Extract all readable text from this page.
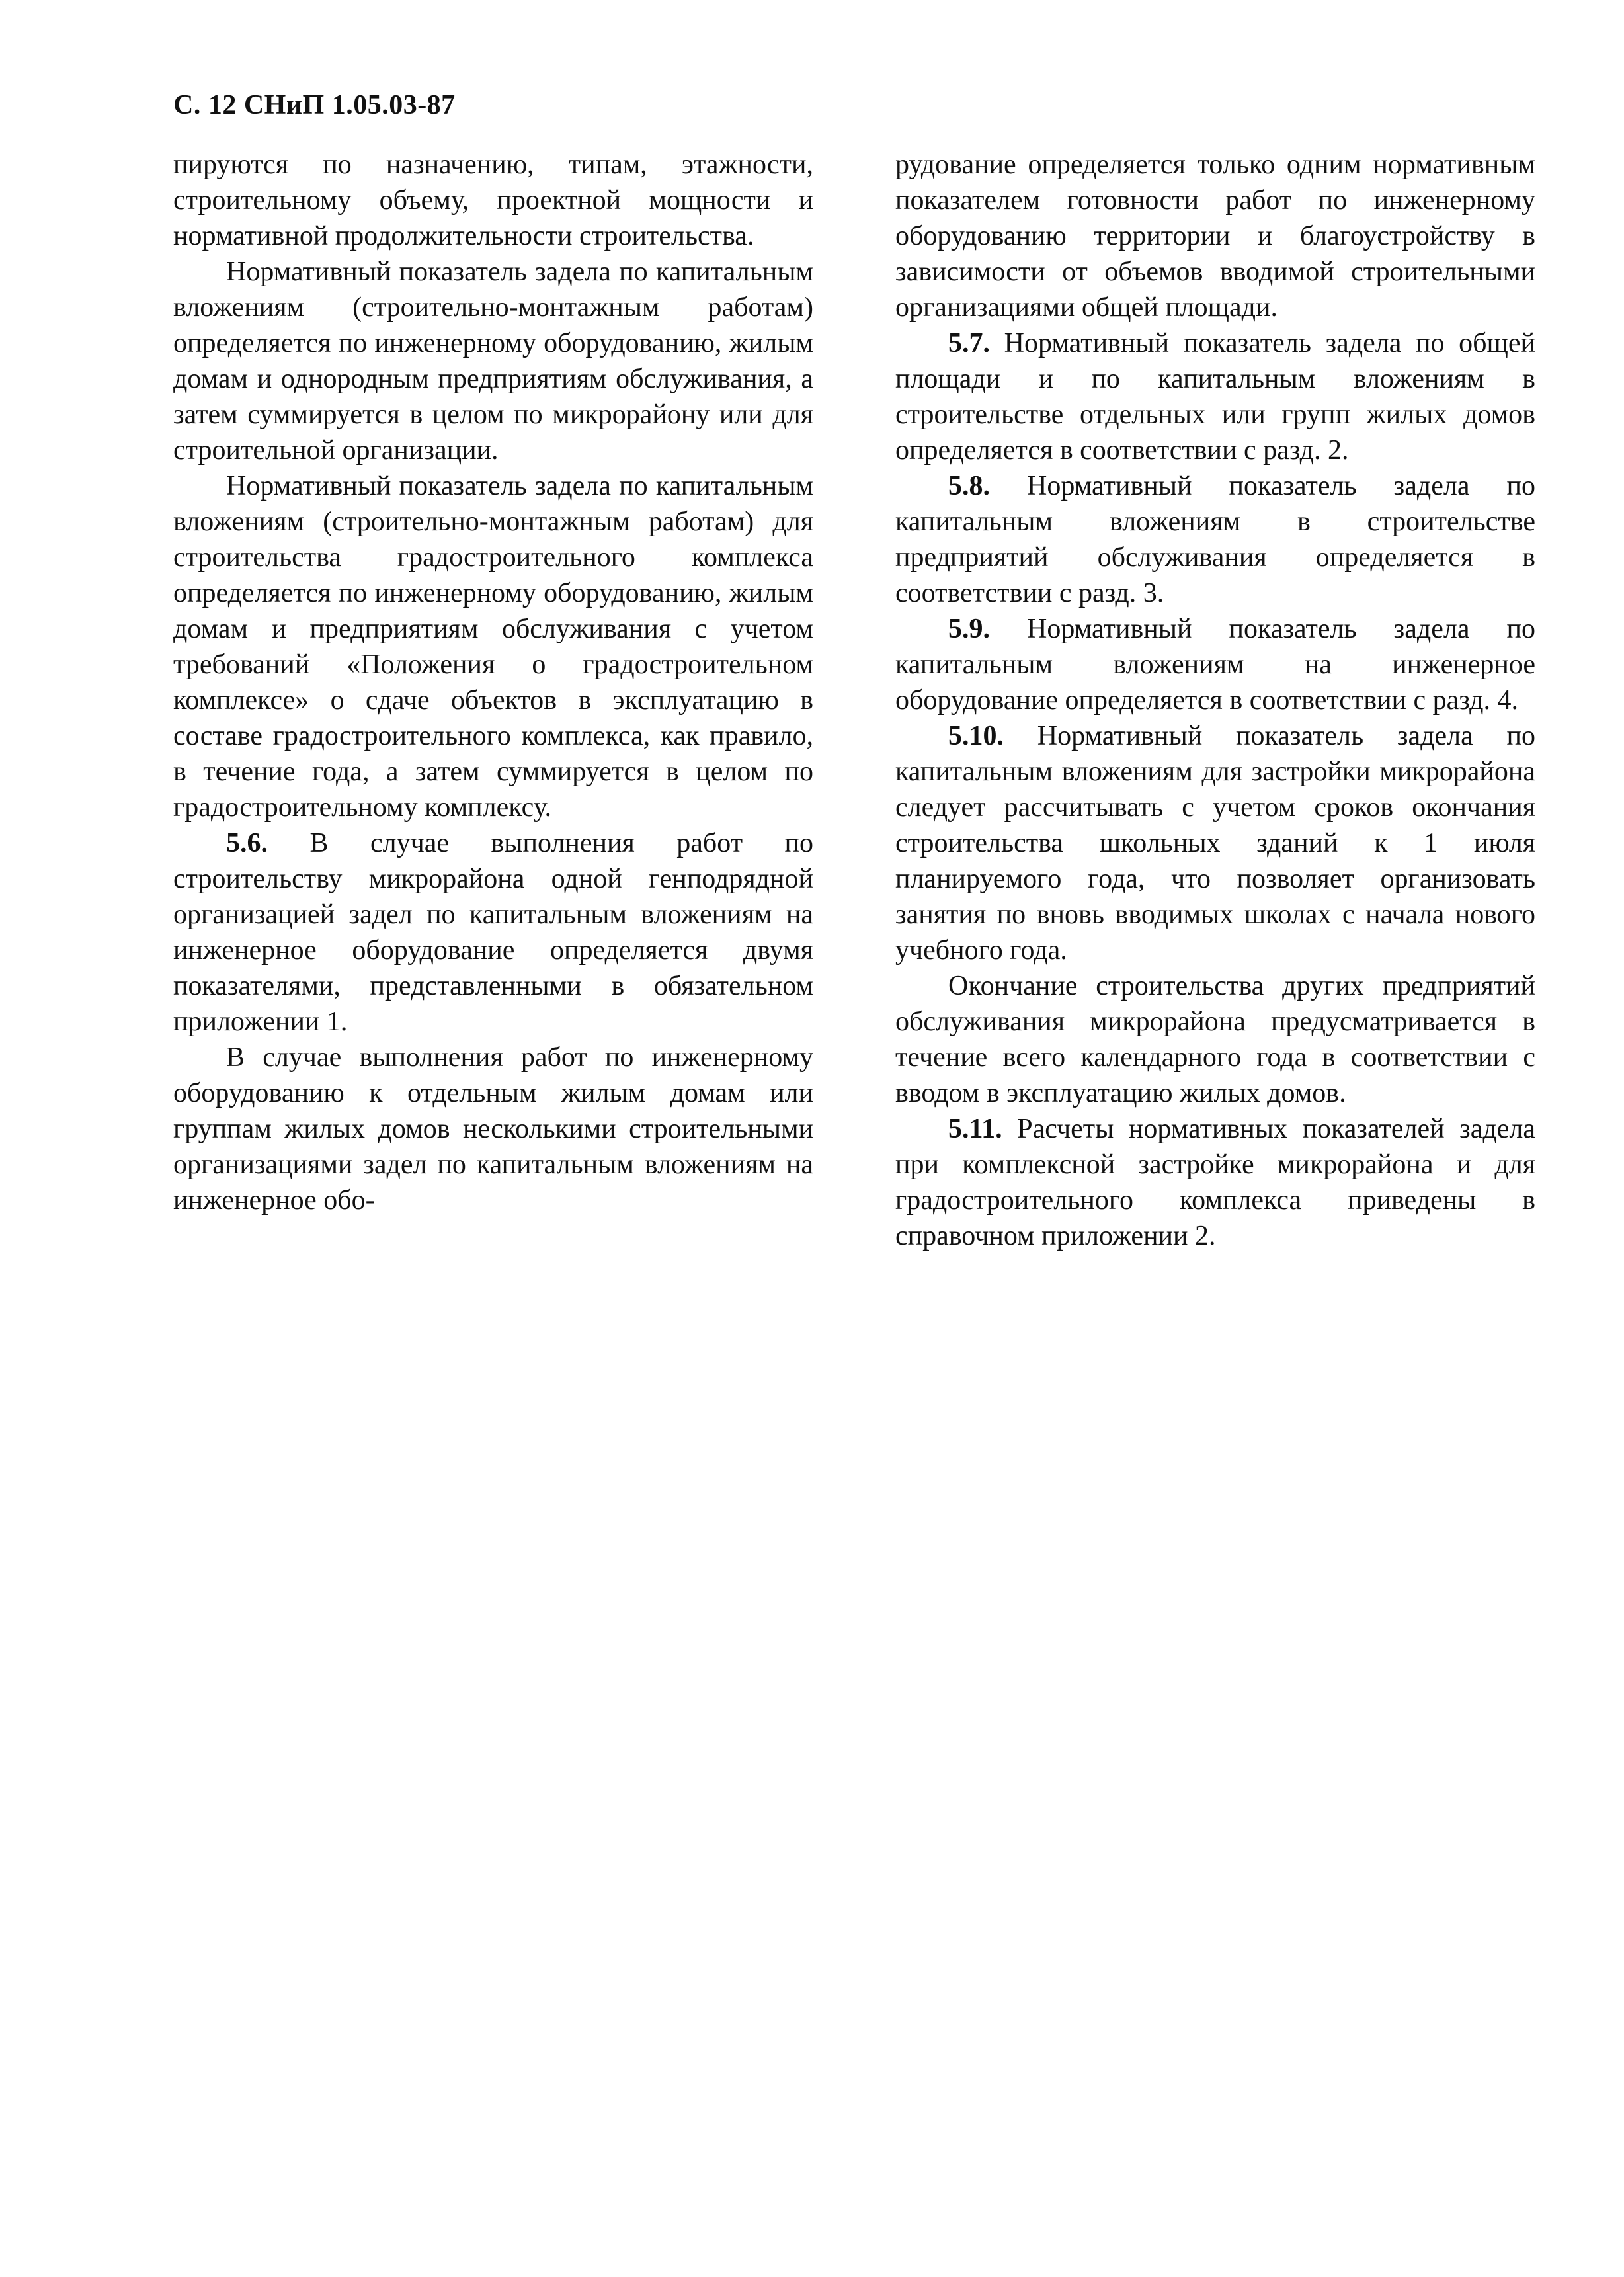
С. 12 СНиП 1.05.03-87

пируются по назначению, типам, этажности, строительному объему, проектной мощности и нормативной продолжительности строительства.

Нормативный показатель задела по капитальным вложениям (строительно-монтажным работам) определяется по инженерному оборудованию, жилым домам и однородным предприятиям обслуживания, а затем суммируется в целом по микрорайону или для строительной организации.

Нормативный показатель задела по капитальным вложениям (строительно-монтажным работам) для строительства градостроительного комплекса определяется по инженерному оборудованию, жилым домам и предприятиям обслуживания с учетом требований «Положения о градостроительном комплексе» о сдаче объектов в эксплуатацию в составе градостроительного комплекса, как правило, в течение года, а затем суммируется в целом по градостроительному комплексу.

5.6. В случае выполнения работ по строительству микрорайона одной генподрядной организацией задел по капитальным вложениям на инженерное оборудование определяется двумя показателями, представленными в обязательном приложении 1.

В случае выполнения работ по инженерному оборудованию к отдельным жилым домам или группам жилых домов несколькими строительными организациями задел по капитальным вложениям на инженерное обо-

рудование определяется только одним нормативным показателем готовности работ по инженерному оборудованию территории и благоустройству в зависимости от объемов вводимой строительными организациями общей площади.

5.7. Нормативный показатель задела по общей площади и по капитальным вложениям в строительстве отдельных или групп жилых домов определяется в соответствии с разд. 2.

5.8. Нормативный показатель задела по капитальным вложениям в строительстве предприятий обслуживания определяется в соответствии с разд. 3.

5.9. Нормативный показатель задела по капитальным вложениям на инженерное оборудование определяется в соответствии с разд. 4.

5.10. Нормативный показатель задела по капитальным вложениям для застройки микрорайона следует рассчитывать с учетом сроков окончания строительства школьных зданий к 1 июля планируемого года, что позволяет организовать занятия по вновь вводимых школах с начала нового учебного года.

Окончание строительства других предприятий обслуживания микрорайона предусматривается в течение всего календарного года в соответствии с вводом в эксплуатацию жилых домов.

5.11. Расчеты нормативных показателей задела при комплексной застройке микрорайона и для градостроительного комплекса приведены в справочном приложении 2.
